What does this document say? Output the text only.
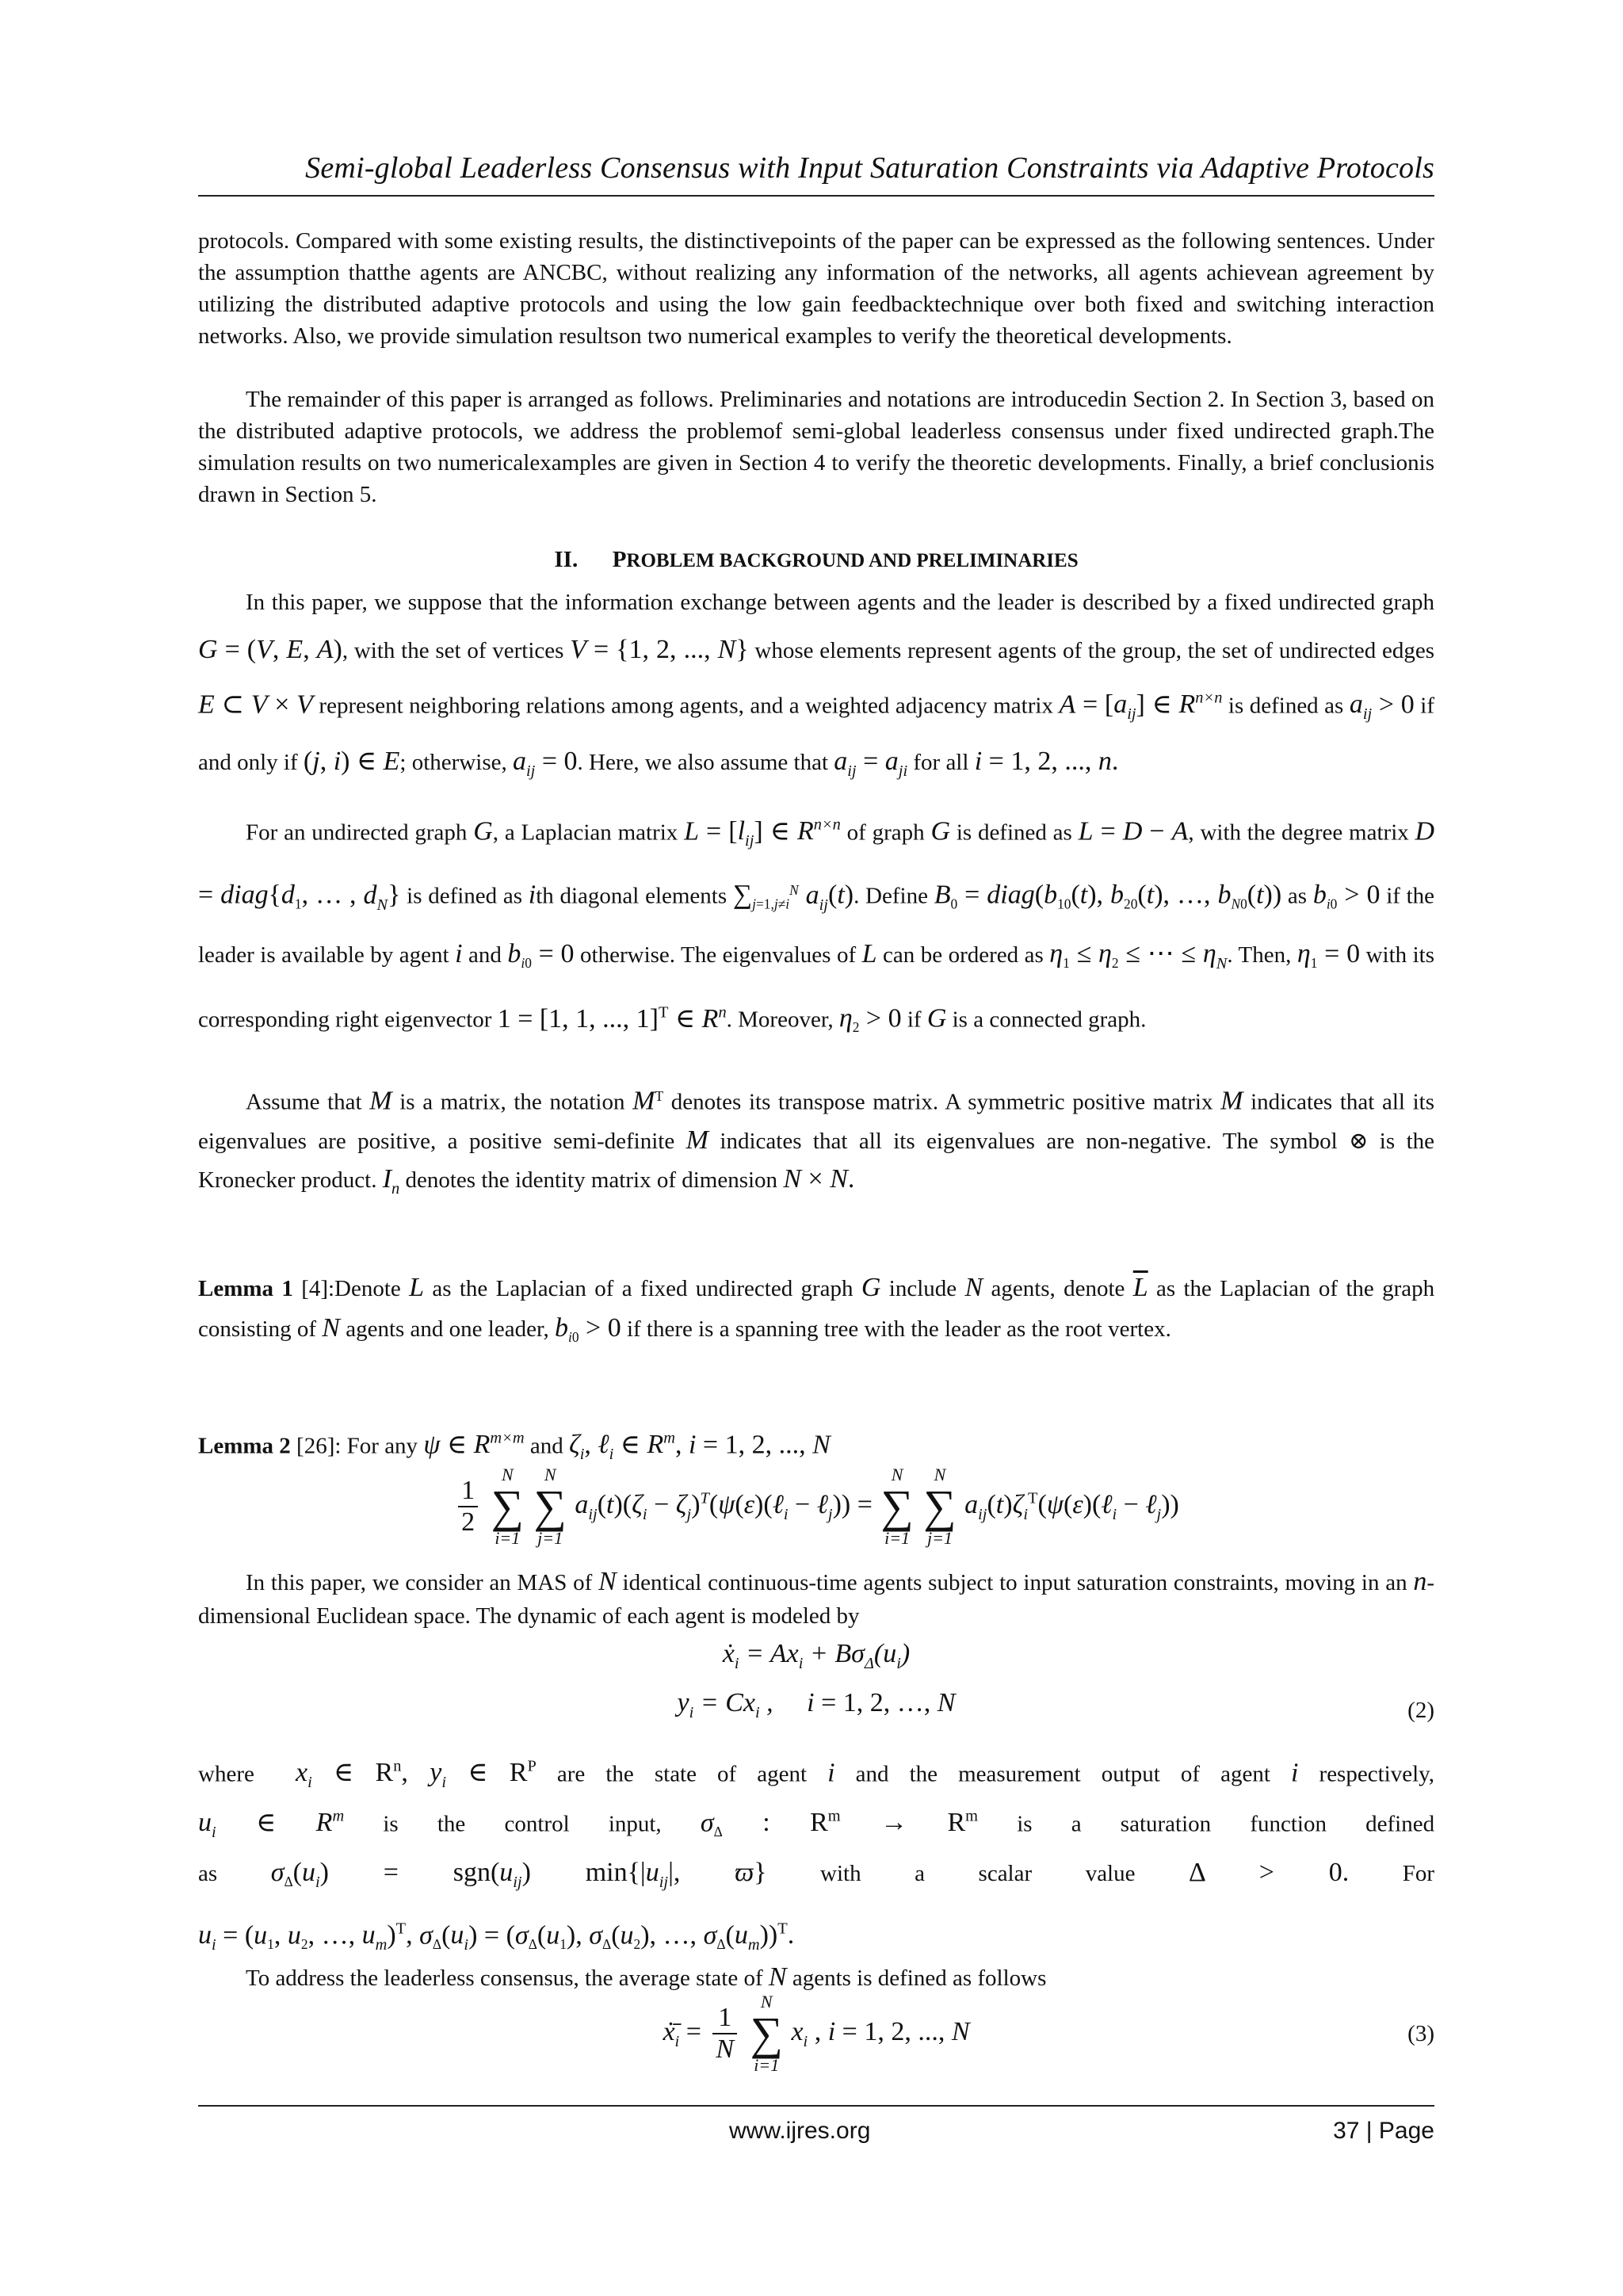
Semi-global Leaderless Consensus with Input Saturation Constraints via Adaptive Protocols
protocols. Compared with some existing results, the distinctivepoints of the paper can be expressed as the following sentences. Under the assumption thatthe agents are ANCBC, without realizing any information of the networks, all agents achievean agreement by utilizing the distributed adaptive protocols and using the low gain feedbacktechnique over both fixed and switching interaction networks. Also, we provide simulation resultson two numerical examples to verify the theoretical developments.
The remainder of this paper is arranged as follows. Preliminaries and notations are introducedin Section 2. In Section 3, based on the distributed adaptive protocols, we address the problemof semi-global leaderless consensus under fixed undirected graph.The simulation results on two numericalexamples are given in Section 4 to verify the theoretic developments. Finally, a brief conclusionis drawn in Section 5.
II. PROBLEM BACKGROUND AND PRELIMINARIES
In this paper, we suppose that the information exchange between agents and the leader is described by a fixed undirected graph G = (V, E, A), with the set of vertices V = {1, 2, ..., N} whose elements represent agents of the group, the set of undirected edges E ⊂ V × V represent neighboring relations among agents, and a weighted adjacency matrix $A = [a_{ij}]$ ∈ $R^{n\times n}$ is defined as $a_{ij} > 0$ if and only if (j, i) ∈ E; otherwise, $a_{ij} = 0$. Here, we also assume that $a_{ij} = a_{ji}$ for all i = 1, 2, ..., n.
For an undirected graph G, a Laplacian matrix $L = [l_{ij}]$ ∈ $R^{n\times n}$ of graph G is defined as L = D − A, with the degree matrix $D = diag\{d_1$, … , $d_N$} is defined as ith diagonal elements $\sum_{j=1,j\ne i}^N$ $a_{ij}(t)$. Define $B_0$ = $diag(b_{10}(t)$, $b_{20}(t)$, …, $b_{N0}(t)$) as $b_{i0} > 0$ if the leader is available by agent i and $b_{i0} = 0$ otherwise. The eigenvalues of L can be ordered as $\eta_1 \le \eta_2$ ≤ ⋯ ≤ $\eta_N$. Then, $\eta_1 = 0$ with its corresponding right eigenvector 1 = [1, 1, ..., 1]$^T$ ∈ $R^n$. Moreover, $\eta_2 > 0$ if G is a connected graph.
Assume that M is a matrix, the notation $M^T$ denotes its transpose matrix. A symmetric positive matrix M indicates that all its eigenvalues are positive, a positive semi-definite M indicates that all its eigenvalues are non-negative. The symbol ⊗ is the Kronecker product. $I_n$ denotes the identity matrix of dimension N × N.
Lemma 1 [4]:Denote L as the Laplacian of a fixed undirected graph G include N agents, denote $\overline{L}$ as the Laplacian of the graph consisting of N agents and one leader, $b_{i0} > 0$ if there is a spanning tree with the leader as the root vertex.
Lemma 2 [26]: For any ψ ∈ $R^{m\times m}$ and $\zeta_i$, ℓ$_i$ ∈ $R^m$, i = 1, 2, ..., N
$\frac{1}{2}$

N
∑
i=1

N
∑
j=1
$a_{ij}(t)(\zeta_i$ − $\zeta_j)^T(\psi(\varepsilon)(\ell_i$ − ℓ$_j$)) =
N
∑
i=1

N
∑
j=1
$a_{ij}(t)\zeta_i^T(\psi(\varepsilon)(\ell_i$ − ℓ$_j$))
In this paper, we consider an MAS of N identical continuous-time agents subject to input saturation constraints, moving in an n-dimensional Euclidean space. The dynamic of each agent is modeled by
ẋ$_i$ = $Ax_i + B\sigma_\Delta(u_i)$
$y_i = Cx_i$ ,     i = 1, 2, …, N	(2)
where $x_i$ ∈ $R^n$, $y_i$ ∈ $R^P$ are the state of agent i and the measurement output of agent i respectively,
$u_i$ ∈ $R^m$ is the control input, $\sigma_\Delta$ : $R^m \to R^m$ is a saturation function defined
as $\sigma_\Delta(u_i) = sgn(u_{ij})$ $\min\{|u_{ij}|$, ϖ} with a scalar value Δ > 0. For
$u_i = (u_1$, $u_2$, …, $u_m)^T$, $\sigma_\Delta(u_i) = (\sigma_\Delta(u_1)$, $\sigma_\Delta(u_2)$, …, $\sigma_\Delta(u_m))^T$.
To address the leaderless consensus, the average state of N agents is defined as follows
$ẋ̄_i = \frac{1}{N}$

N
∑
i=1
$x_i$ , i = 1, 2, ..., N	(3)
www.ijres.org	37 | Page
